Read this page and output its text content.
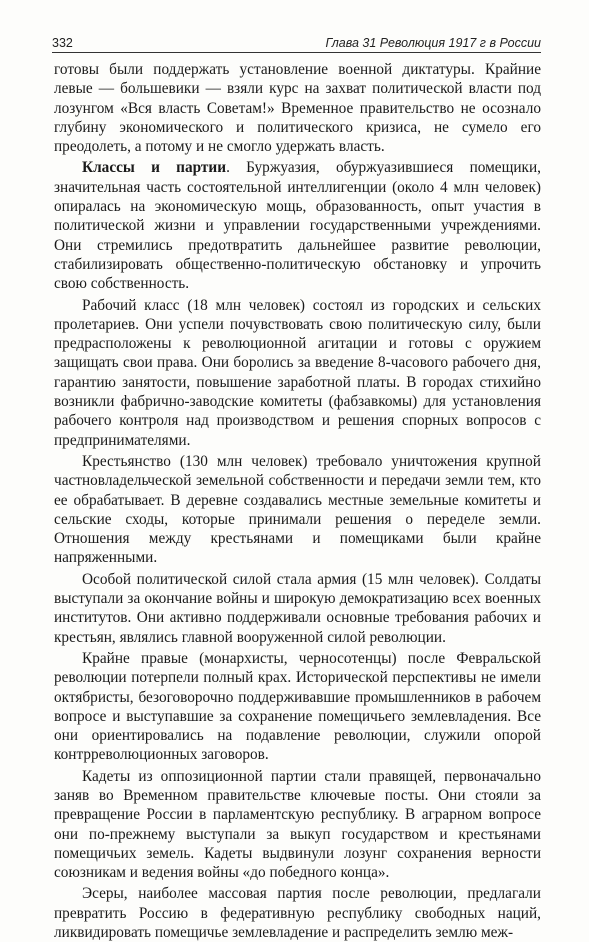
332	Глава 31 Революция 1917 г в России

готовы были поддержать установление военной диктатуры. Крайние левые — большевики — взяли курс на захват политической власти под лозунгом «Вся власть Советам!» Временное правительство не осознало глубину экономического и политического кризиса, не сумело его преодолеть, а потому и не смогло удержать власть.

Классы и партии. Буржуазия, обуржуазившиеся помещики, значительная часть состоятельной интеллигенции (около 4 млн человек) опиралась на экономическую мощь, образованность, опыт участия в политической жизни и управлении государственными учреждениями. Они стремились предотвратить дальнейшее развитие революции, стабилизировать общественно-политическую обстановку и упрочить свою собственность.

Рабочий класс (18 млн человек) состоял из городских и сельских пролетариев. Они успели почувствовать свою политическую силу, были предрасположены к революционной агитации и готовы с оружием защищать свои права. Они боролись за введение 8-часового рабочего дня, гарантию занятости, повышение заработной платы. В городах стихийно возникли фабрично-заводские комитеты (фабзавкомы) для установления рабочего контроля над производством и решения спорных вопросов с предпринимателями.

Крестьянство (130 млн человек) требовало уничтожения крупной частновладельческой земельной собственности и передачи земли тем, кто ее обрабатывает. В деревне создавались местные земельные комитеты и сельские сходы, которые принимали решения о переделе земли. Отношения между крестьянами и помещиками были крайне напряженными.

Особой политической силой стала армия (15 млн человек). Солдаты выступали за окончание войны и широкую демократизацию всех военных институтов. Они активно поддерживали основные требования рабочих и крестьян, являлись главной вооруженной силой революции.

Крайне правые (монархисты, черносотенцы) после Февральской революции потерпели полный крах. Исторической перспективы не имели октябристы, безоговорочно поддерживавшие промышленников в рабочем вопросе и выступавшие за сохранение помещичьего землевладения. Все они ориентировались на подавление революции, служили опорой контрреволюционных заговоров.

Кадеты из оппозиционной партии стали правящей, первоначально заняв во Временном правительстве ключевые посты. Они стояли за превращение России в парламентскую республику. В аграрном вопросе они по-прежнему выступали за выкуп государством и крестьянами помещичьих земель. Кадеты выдвинули лозунг сохранения верности союзникам и ведения войны «до победного конца».

Эсеры, наиболее массовая партия после революции, предлагали превратить Россию в федеративную республику свободных наций, ликвидировать помещичье землевладение и распределить землю меж-
